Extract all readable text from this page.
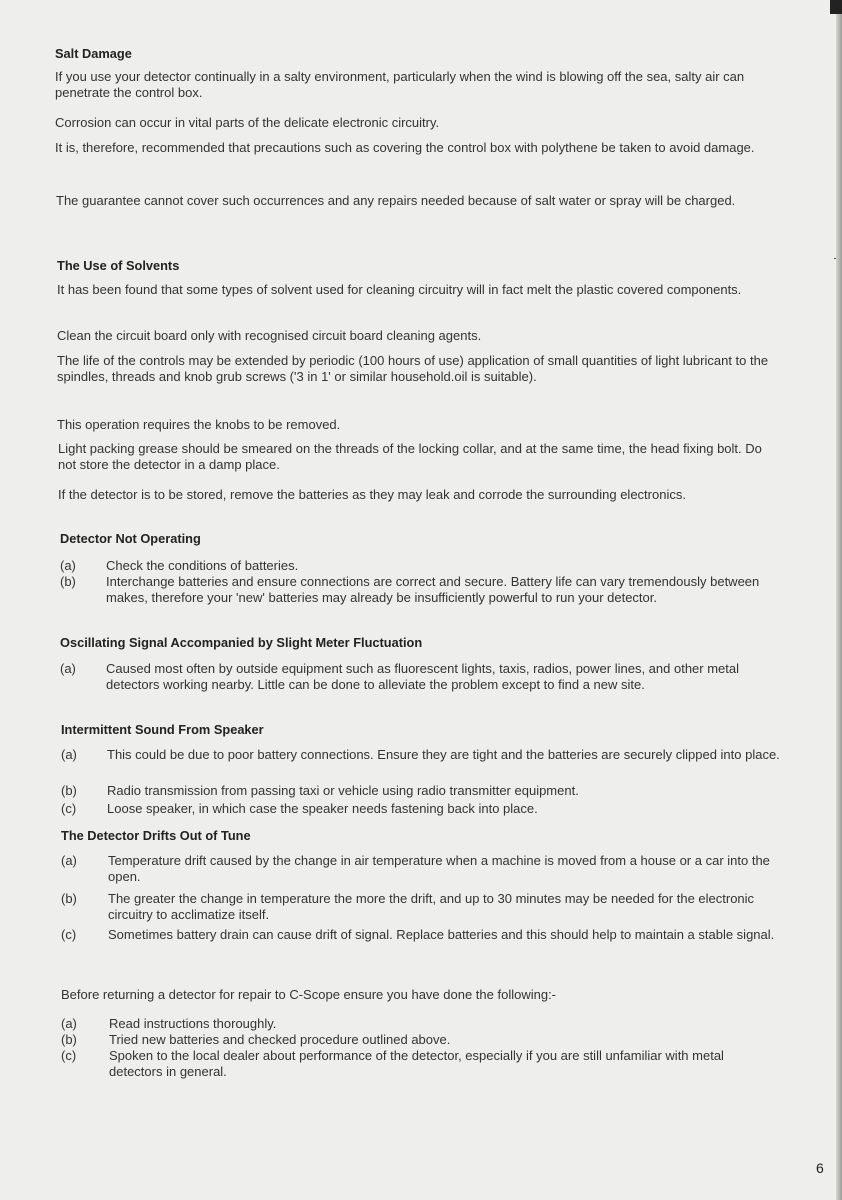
Salt Damage
If you use your detector continually in a salty environment, particularly when the wind is blowing off the sea, salty air can penetrate the control box.
Corrosion can occur in vital parts of the delicate electronic circuitry.
It is, therefore, recommended that precautions such as covering the control box with polythene be taken to avoid damage.
The guarantee cannot cover such occurrences and any repairs needed because of salt water or spray will be charged.
The Use of Solvents
It has been found that some types of solvent used for cleaning circuitry will in fact melt the plastic covered components.
Clean the circuit board only with recognised circuit board cleaning agents.
The life of the controls may be extended by periodic (100 hours of use) application of small quantities of light lubricant to the spindles, threads and knob grub screws ('3 in 1' or similar household.oil is suitable).
This operation requires the knobs to be removed.
Light packing grease should be smeared on the threads of the locking collar, and at the same time, the head fixing bolt. Do not store the detector in a damp place.
If the detector is to be stored, remove the batteries as they may leak and corrode the surrounding electronics.
Detector Not Operating
(a) Check the conditions of batteries.
(b) Interchange batteries and ensure connections are correct and secure. Battery life can vary tremendously between makes, therefore your 'new' batteries may already be insufficiently powerful to run your detector.
Oscillating Signal Accompanied by Slight Meter Fluctuation
(a) Caused most often by outside equipment such as fluorescent lights, taxis, radios, power lines, and other metal detectors working nearby. Little can be done to alleviate the problem except to find a new site.
Intermittent Sound From Speaker
(a) This could be due to poor battery connections. Ensure they are tight and the batteries are securely clipped into place.
(b) Radio transmission from passing taxi or vehicle using radio transmitter equipment.
(c) Loose speaker, in which case the speaker needs fastening back into place.
The Detector Drifts Out of Tune
(a) Temperature drift caused by the change in air temperature when a machine is moved from a house or a car into the open.
(b) The greater the change in temperature the more the drift, and up to 30 minutes may be needed for the electronic circuitry to acclimatize itself.
(c) Sometimes battery drain can cause drift of signal. Replace batteries and this should help to maintain a stable signal.
Before returning a detector for repair to C-Scope ensure you have done the following:-
(a) Read instructions thoroughly.
(b) Tried new batteries and checked procedure outlined above.
(c)	Spoken to the local dealer about performance of the detector, especially if you are still unfamiliar with metal detectors in general.
6
